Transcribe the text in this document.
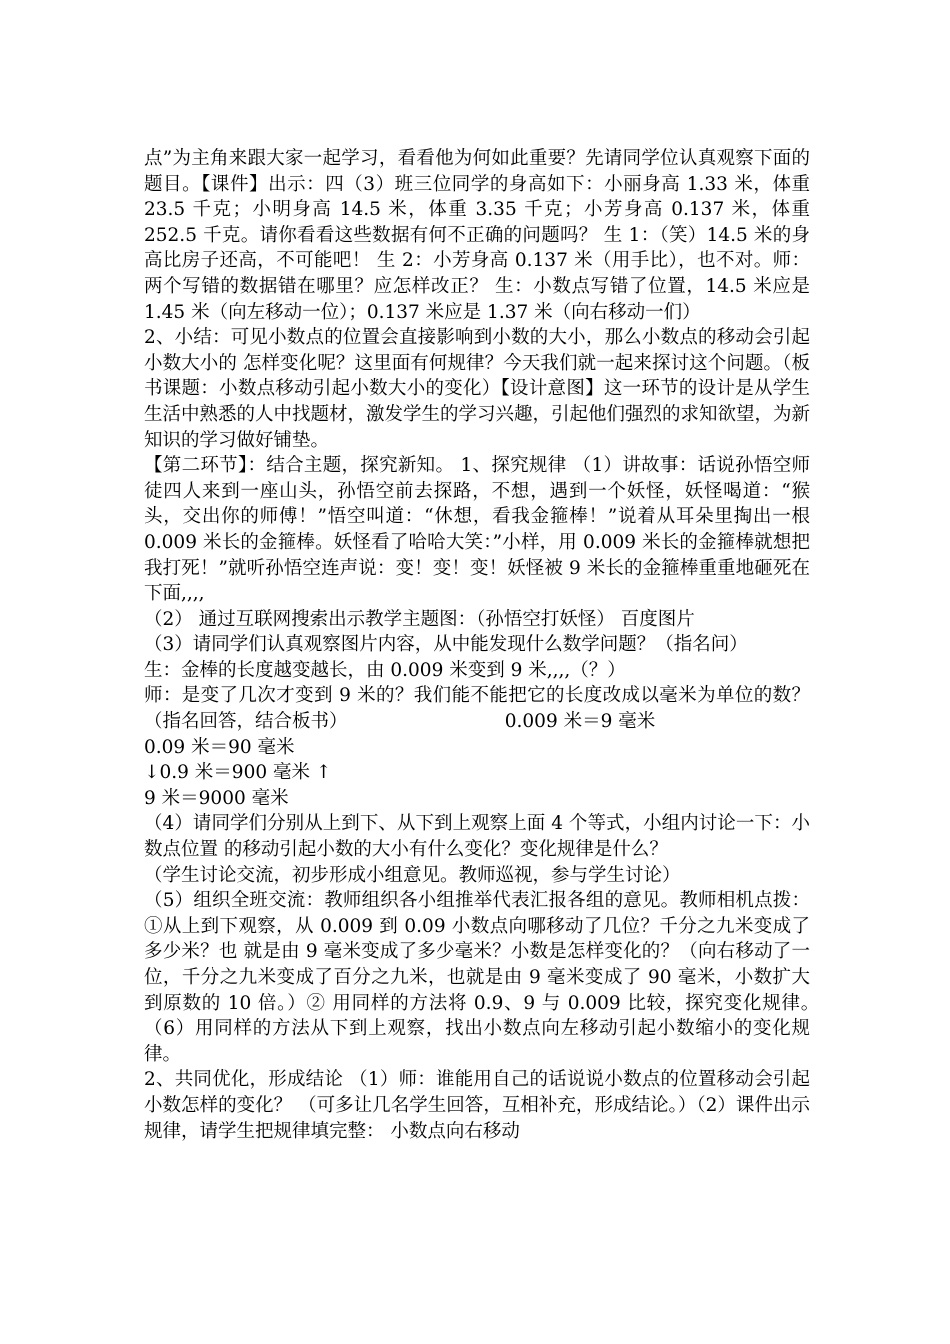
点”为主角来跟大家一起学习，看看他为何如此重要？先请同学位认真观察下面的题目。【课件】出示：四（3）班三位同学的身高如下：小丽身高 1.33 米，体重 23.5 千克；小明身高 14.5 米，体重 3.35 千克；小芳身高 0.137 米，体重 252.5 千克。请你看看这些数据有何不正确的问题吗？ 生 1：（笑）14.5 米的身高比房子还高，不可能吧！ 生 2：小芳身高 0.137 米（用手比），也不对。师：两个写错的数据错在哪里？应怎样改正？ 生：小数点写错了位置，14.5 米应是 1.45 米（向左移动一位）；0.137 米应是 1.37 米（向右移动一们）

2、小结：可见小数点的位置会直接影响到小数的大小，那么小数点的移动会引起小数大小的 怎样变化呢？这里面有何规律？今天我们就一起来探讨这个问题。（板书课题：小数点移动引起小数大小的变化）【设计意图】这一环节的设计是从学生生活中熟悉的人中找题材，激发学生的学习兴趣，引起他们强烈的求知欲望，为新知识的学习做好铺垫。

【第二环节】：结合主题，探究新知。 1、探究规律 （1）讲故事：话说孙悟空师徒四人来到一座山头，孙悟空前去探路，不想，遇到一个妖怪，妖怪喝道：“猴头，交出你的师傅！”悟空叫道：“休想，看我金箍棒！”说着从耳朵里掏出一根 0.009 米长的金箍棒。妖怪看了哈哈大笑：”小样，用 0.009 米长的金箍棒就想把我打死！”就听孙悟空连声说：变！变！变！妖怪被 9 米长的金箍棒重重地砸死在下面,,,,

（2） 通过互联网搜索出示教学主题图：（孙悟空打妖怪） 百度图片

（3）请同学们认真观察图片内容，从中能发现什么数学问题？（指名问）

生：金棒的长度越变越长，由 0.009 米变到 9 米,,,,（？）

师：是变了几次才变到 9 米的？我们能不能把它的长度改成以毫米为单位的数？（指名回答，结合板书）　　　　　　　　　0.009 米＝9 毫米

0.09 米＝90 毫米

↓0.9 米＝900 毫米 ↑

9 米＝9000 毫米

（4）请同学们分别从上到下、从下到上观察上面 4 个等式，小组内讨论一下：小数点位置 的移动引起小数的大小有什么变化？变化规律是什么？

（学生讨论交流，初步形成小组意见。教师巡视，参与学生讨论）

（5）组织全班交流：教师组织各小组推举代表汇报各组的意见。教师相机点拨： ①从上到下观察，从 0.009 到 0.09 小数点向哪移动了几位？千分之九米变成了多少米？也 就是由 9 毫米变成了多少毫米？小数是怎样变化的？（向右移动了一位，千分之九米变成了百分之九米，也就是由 9 毫米变成了 90 毫米，小数扩大到原数的 10 倍。）② 用同样的方法将 0.9、9 与 0.009 比较，探究变化规律。　　 （6）用同样的方法从下到上观察，找出小数点向左移动引起小数缩小的变化规律。

2、共同优化，形成结论 （1）师：谁能用自己的话说说小数点的位置移动会引起小数怎样的变化？ （可多让几名学生回答，互相补充，形成结论。）（2）课件出示规律，请学生把规律填完整： 小数点向右移动
